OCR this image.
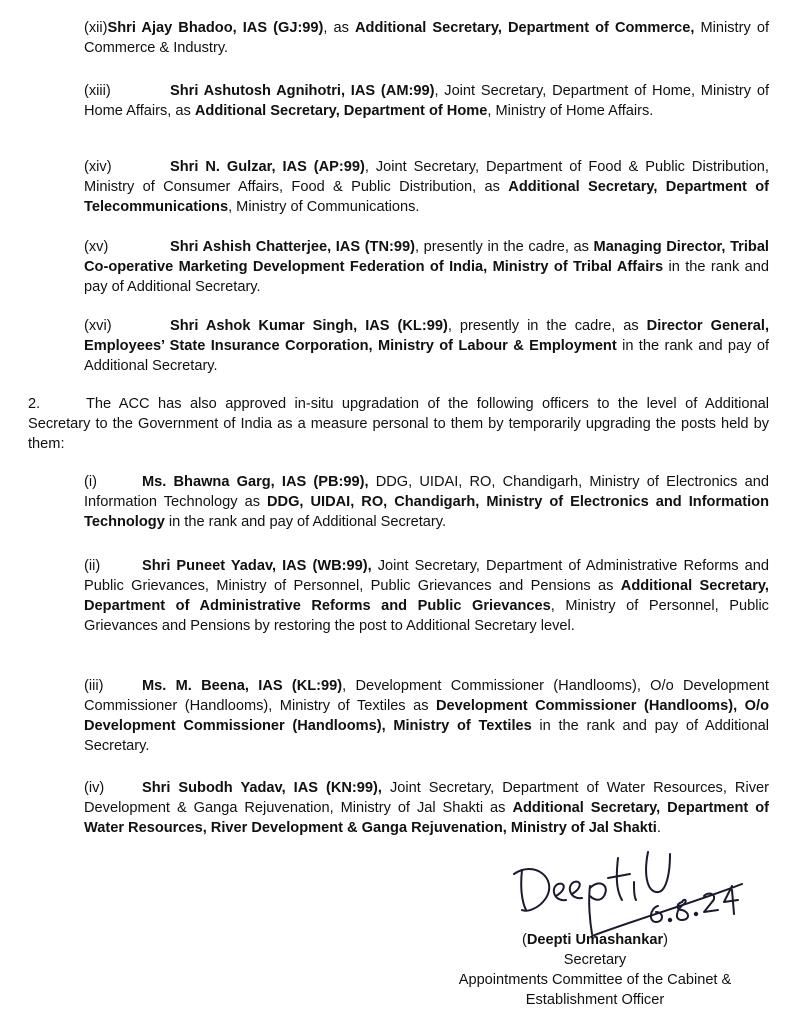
(xii)Shri Ajay Bhadoo, IAS (GJ:99), as Additional Secretary, Department of Commerce, Ministry of Commerce & Industry.

(xiii)	Shri Ashutosh Agnihotri, IAS (AM:99), Joint Secretary, Department of Home, Ministry of Home Affairs, as Additional Secretary, Department of Home, Ministry of Home Affairs.

(xiv)	Shri N. Gulzar, IAS (AP:99), Joint Secretary, Department of Food & Public Distribution, Ministry of Consumer Affairs, Food & Public Distribution, as Additional Secretary, Department of Telecommunications, Ministry of Communications.

(xv)	Shri Ashish Chatterjee, IAS (TN:99), presently in the cadre, as Managing Director, Tribal Co-operative Marketing Development Federation of India, Ministry of Tribal Affairs in the rank and pay of Additional Secretary.

(xvi)	Shri Ashok Kumar Singh, IAS (KL:99), presently in the cadre, as Director General, Employees’ State Insurance Corporation, Ministry of Labour & Employment in the rank and pay of Additional Secretary.

2.	The ACC has also approved in-situ upgradation of the following officers to the level of Additional Secretary to the Government of India as a measure personal to them by temporarily upgrading the posts held by them:

(i)	Ms. Bhawna Garg, IAS (PB:99), DDG, UIDAI, RO, Chandigarh, Ministry of Electronics and Information Technology as DDG, UIDAI, RO, Chandigarh, Ministry of Electronics and Information Technology in the rank and pay of Additional Secretary.

(ii)	Shri Puneet Yadav, IAS (WB:99), Joint Secretary, Department of Administrative Reforms and Public Grievances, Ministry of Personnel, Public Grievances and Pensions as Additional Secretary, Department of Administrative Reforms and Public Grievances, Ministry of Personnel, Public Grievances and Pensions by restoring the post to Additional Secretary level.

(iii)	Ms. M. Beena, IAS (KL:99), Development Commissioner (Handlooms), O/o Development Commissioner (Handlooms), Ministry of Textiles as Development Commissioner (Handlooms), O/o Development Commissioner (Handlooms), Ministry of Textiles in the rank and pay of Additional Secretary.

(iv)	Shri Subodh Yadav, IAS (KN:99), Joint Secretary, Department of Water Resources, River Development & Ganga Rejuvenation, Ministry of Jal Shakti as Additional Secretary, Department of Water Resources, River Development & Ganga Rejuvenation, Ministry of Jal Shakti.

(Deepti Umashankar)
Secretary
Appointments Committee of the Cabinet &
Establishment Officer
